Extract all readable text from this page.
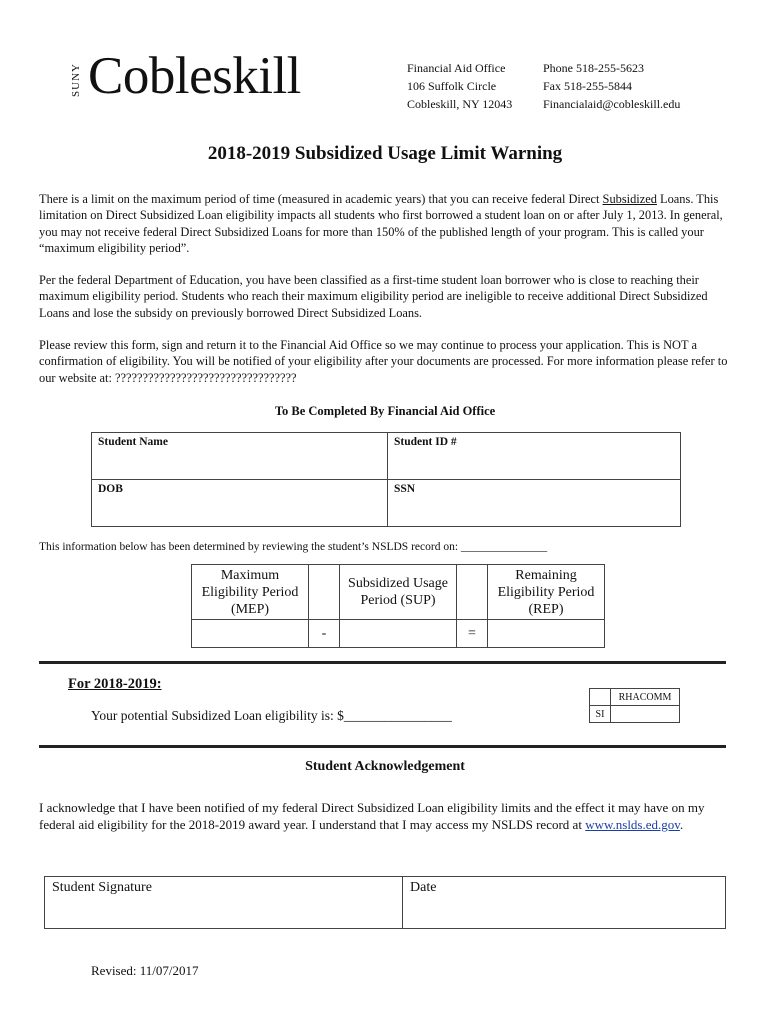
SUNY Cobleskill	Financial Aid Office
106 Suffolk Circle
Cobleskill, NY 12043
Phone 518-255-5623
Fax 518-255-5844
Financialaid@cobleskill.edu
2018-2019 Subsidized Usage Limit Warning
There is a limit on the maximum period of time (measured in academic years) that you can receive federal Direct Subsidized Loans. This limitation on Direct Subsidized Loan eligibility impacts all students who first borrowed a student loan on or after July 1, 2013. In general, you may not receive federal Direct Subsidized Loans for more than 150% of the published length of your program. This is called your “maximum eligibility period”.
Per the federal Department of Education, you have been classified as a first-time student loan borrower who is close to reaching their maximum eligibility period. Students who reach their maximum eligibility period are ineligible to receive additional Direct Subsidized Loans and lose the subsidy on previously borrowed Direct Subsidized Loans.
Please review this form, sign and return it to the Financial Aid Office so we may continue to process your application. This is NOT a confirmation of eligibility. You will be notified of your eligibility after your documents are processed. For more information please refer to our website at: ?????????????????????????????????
To Be Completed By Financial Aid Office
Student Name	Student ID #
DOB	SSN
This information below has been determined by reviewing the student’s NSLDS record on: _______________
Maximum Eligibility Period (MEP)		Subsidized Usage Period (SUP)		Remaining Eligibility Period (REP)
	-		=	
For 2018-2019:
Your potential Subsidized Loan eligibility is: $________________
	RHACOMM
SI	
Student Acknowledgement
I acknowledge that I have been notified of my federal Direct Subsidized Loan eligibility limits and the effect it may have on my federal aid eligibility for the 2018-2019 award year. I understand that I may access my NSLDS record at www.nslds.ed.gov.
Student Signature	Date
Revised: 11/07/2017
